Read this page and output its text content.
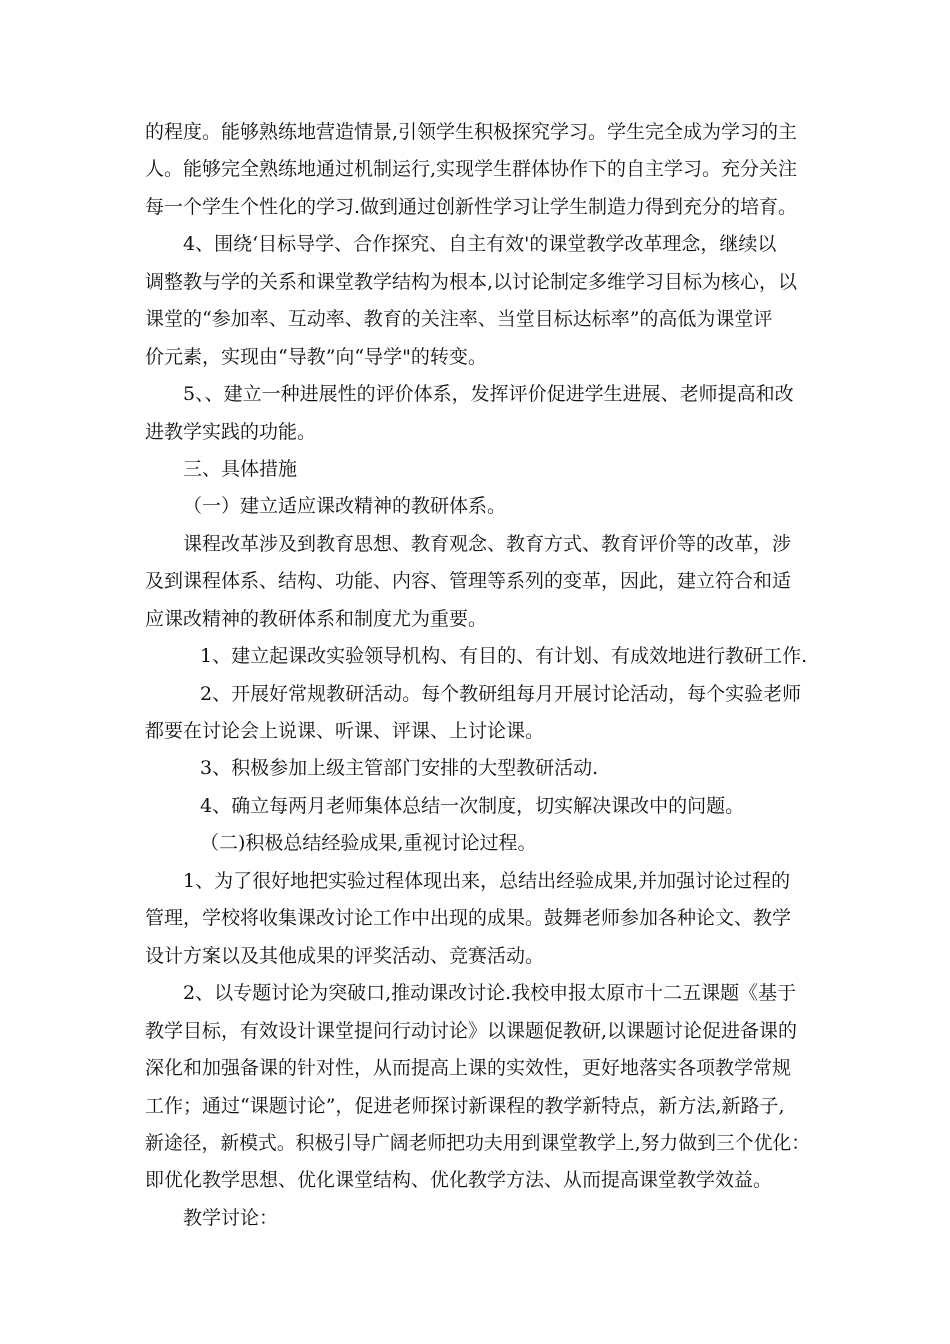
的程度。能够熟练地营造情景,引领学生积极探究学习。学生完全成为学习的主

人。能够完全熟练地通过机制运行,实现学生群体协作下的自主学习。充分关注

每一个学生个性化的学习.做到通过创新性学习让学生制造力得到充分的培育。

4、围绕‘目标导学、合作探究、自主有效'的课堂教学改革理念，继续以

调整教与学的关系和课堂教学结构为根本,以讨论制定多维学习目标为核心，以

课堂的“参加率、互动率、教育的关注率、当堂目标达标率”的高低为课堂评

价元素，实现由“导教”向“导学"的转变。

5、、建立一种进展性的评价体系，发挥评价促进学生进展、老师提高和改

进教学实践的功能。

三、具体措施

（一）建立适应课改精神的教研体系。

课程改革涉及到教育思想、教育观念、教育方式、教育评价等的改革，涉

及到课程体系、结构、功能、内容、管理等系列的变革，因此，建立符合和适

应课改精神的教研体系和制度尤为重要。

1、建立起课改实验领导机构、有目的、有计划、有成效地进行教研工作.

2、开展好常规教研活动。每个教研组每月开展讨论活动，每个实验老师

都要在讨论会上说课、听课、评课、上讨论课。

3、积极参加上级主管部门安排的大型教研活动.

4、确立每两月老师集体总结一次制度，切实解决课改中的问题。

（二)积极总结经验成果,重视讨论过程。

1、为了很好地把实验过程体现出来，总结出经验成果,并加强讨论过程的

管理，学校将收集课改讨论工作中出现的成果。鼓舞老师参加各种论文、教学

设计方案以及其他成果的评奖活动、竞赛活动。

2、以专题讨论为突破口,推动课改讨论.我校申报太原市十二五课题《基于

教学目标，有效设计课堂提问行动讨论》以课题促教研,以课题讨论促进备课的

深化和加强备课的针对性，从而提高上课的实效性，更好地落实各项教学常规

工作；通过“课题讨论”，促进老师探讨新课程的教学新特点，新方法,新路子,

新途径，新模式。积极引导广阔老师把功夫用到课堂教学上,努力做到三个优化：

即优化教学思想、优化课堂结构、优化教学方法、从而提高课堂教学效益。

教学讨论：
